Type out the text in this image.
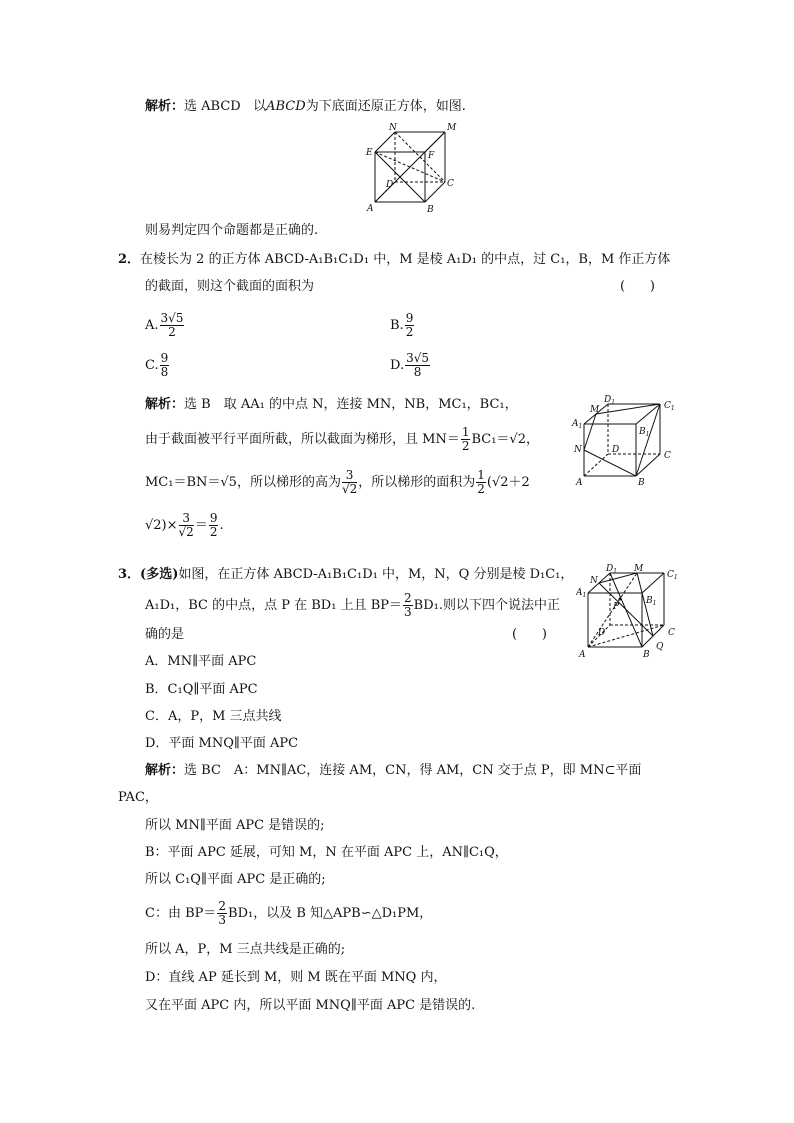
解析：选 ABCD 以ABCD为下底面还原正方体，如图.
N	M
E	F
D	C
A	B
则易判定四个命题都是正确的.
2．在棱长为 2 的正方体 ABCD-A₁B₁C₁D₁ 中，M 是棱 A₁D₁ 的中点，过 C₁，B，M 作正方体
的截面，则这个截面的面积为	(      )
A. $\frac{3√5}{2}$	B. $\frac{9}{2}$
C. $\frac{9}{8}$	D. $\frac{3√5}{8}$
解析：选 B　取 AA₁ 的中点 N，连接 MN，NB，MC₁，BC₁，
由于截面被平行平面所截，所以截面为梯形，且 $MN= \frac{1}{2} BC_1=√2$，
MC₁＝BN＝√5，所以梯形的高为 $\frac{3}{√2}$ ，所以梯形的面积为 $\frac{1}{2} (√2+2$
$√2)\times \frac{3}{√2} = \frac{9}{2}$ .
$D_1$	$C_1$
M
$A_1$
$B_1$
N	D
C
A	B
3．(多选)如图，在正方体 ABCD-A₁B₁C₁D₁ 中，M，N，Q 分别是棱 D₁C₁，
A₁D₁，BC 的中点，点 P 在 BD₁ 上且 $BP= \frac{2}{3} BD_1$.则以下四个说法中正
确的是	(      )
A．MN∥平面 APC
B．C₁Q∥平面 APC
C．A，P，M 三点共线
D．平面 MNQ∥平面 APC
$D_1$ M
$C_1$
N
$A_1$
$B_1$
P
D	C
Q
A	B
解析：选 BC　A：MN∥AC，连接 AM，CN，得 AM，CN 交于点 P，即 MN⊂平面
PAC，
所以 MN∥平面 APC 是错误的;
B：平面 APC 延展，可知 M，N 在平面 APC 上，AN∥C₁Q，
所以 C₁Q∥平面 APC 是正确的;
C：由 $BP= \frac{2}{3} BD_1$，以及 B 知△APB∽△D₁PM，
所以 A，P，M 三点共线是正确的;
D：直线 AP 延长到 M，则 M 既在平面 MNQ 内，
又在平面 APC 内，所以平面 MNQ∥平面 APC 是错误的.
